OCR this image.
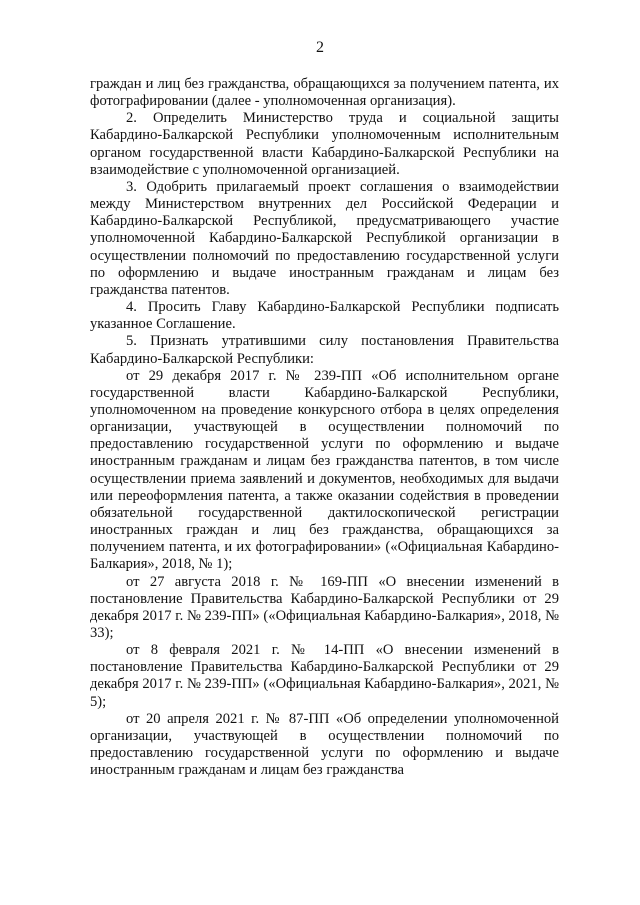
2

граждан и лиц без гражданства, обращающихся за получением патента, их фотографировании (далее - уполномоченная организация).

2. Определить Министерство труда и социальной защиты Кабардино-Балкарской Республики уполномоченным исполнительным органом государственной власти Кабардино-Балкарской Республики на взаимодействие с уполномоченной организацией.

3. Одобрить прилагаемый проект соглашения о взаимодействии между Министерством внутренних дел Российской Федерации и Кабардино-Балкарской Республикой, предусматривающего участие уполномоченной Кабардино-Балкарской Республикой организации в осуществлении полномочий по предоставлению государственной услуги по оформлению и выдаче иностранным гражданам и лицам без гражданства патентов.

4. Просить Главу Кабардино-Балкарской Республики подписать указанное Соглашение.

5. Признать утратившими силу постановления Правительства Кабардино-Балкарской Республики:

от 29 декабря 2017 г. № 239-ПП «Об исполнительном органе государственной власти Кабардино-Балкарской Республики, уполномоченном на проведение конкурсного отбора в целях определения организации, участвующей в осуществлении полномочий по предоставлению государственной услуги по оформлению и выдаче иностранным гражданам и лицам без гражданства патентов, в том числе осуществлении приема заявлений и документов, необходимых для выдачи или переоформления патента, а также оказании содействия в проведении обязательной государственной дактилоскопической регистрации иностранных граждан и лиц без гражданства, обращающихся за получением патента, и их фотографировании» («Официальная Кабардино-Балкария», 2018, № 1);

от 27 августа 2018 г. № 169-ПП «О внесении изменений в постановление Правительства Кабардино-Балкарской Республики от 29 декабря 2017 г. № 239-ПП» («Официальная Кабардино-Балкария», 2018, № 33);

от 8 февраля 2021 г. № 14-ПП «О внесении изменений в постановление Правительства Кабардино-Балкарской Республики от 29 декабря 2017 г. № 239-ПП» («Официальная Кабардино-Балкария», 2021, № 5);

от 20 апреля 2021 г. № 87-ПП «Об определении уполномоченной организации, участвующей в осуществлении полномочий по предоставлению государственной услуги по оформлению и выдаче иностранным гражданам и лицам без гражданства
